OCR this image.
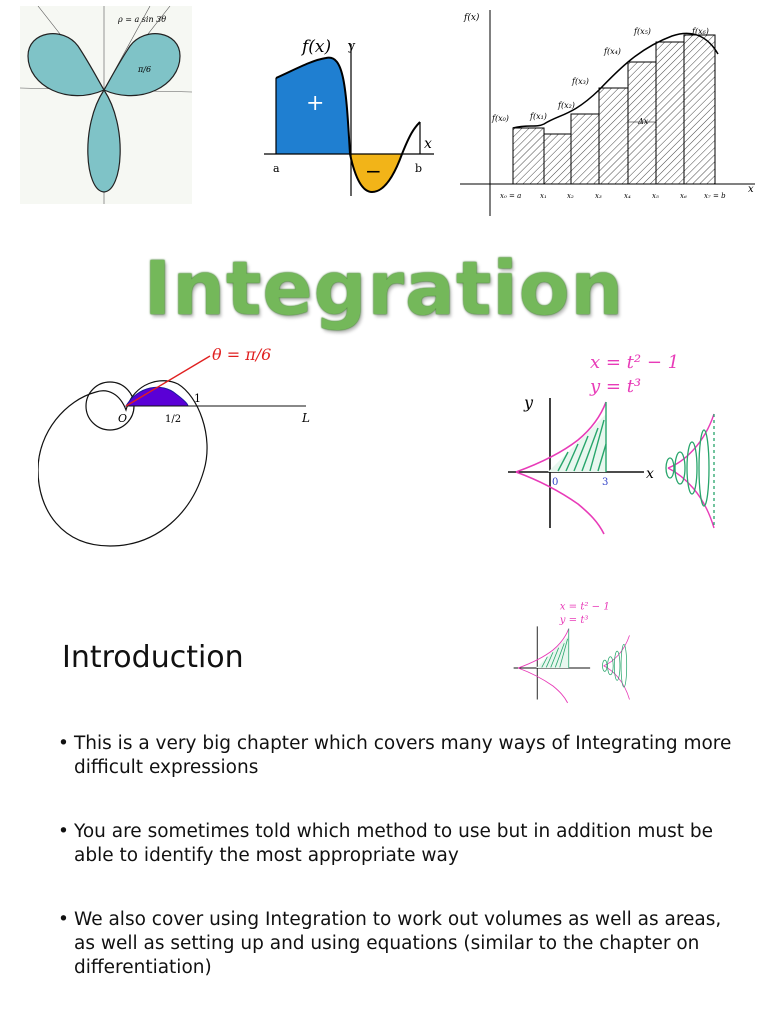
ρ = a sin 3θ
π/6
f(x) y
x
a	b
+
−
f(x)
f(x₀)	f(x₁)
f(x₂)
f(x₃)
f(x₄)
f(x₅)	f(x₆)
Δx
x₀ = a	x₁	x₂	x₃	x₄	x₅	x₆ x₇ = b
x
Integration
θ = π/6
O
1
1/2	L
x = t² − 1
y = t³
y
x
0	3
Introduction
x = t² − 1
y = t³
• This is a very big chapter which covers many ways of Integrating more difficult expressions
• You are sometimes told which method to use but in addition must be able to identify the most appropriate way
• We also cover using Integration to work out volumes as well as areas, as well as setting up and using equations (similar to the chapter on differentiation)
